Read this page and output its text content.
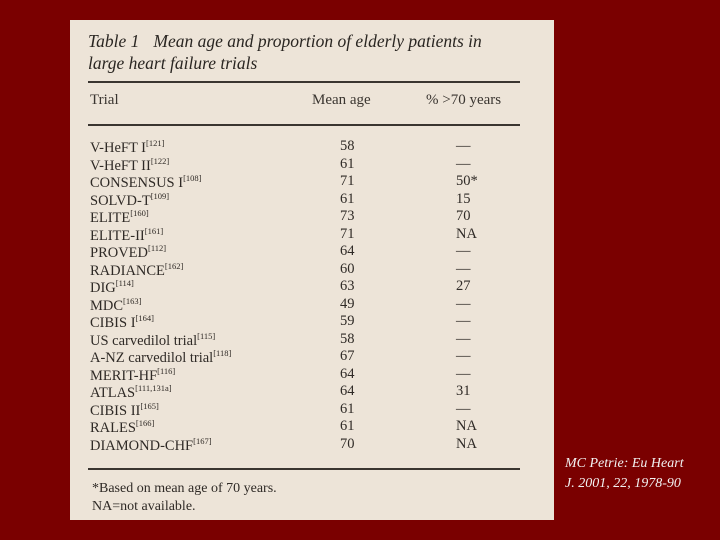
Table 1 Mean age and proportion of elderly patients in
large heart failure trials
Trial	Mean age	% >70 years
V-HeFT I[121]	58	—
V-HeFT II[122]	61	—
CONSENSUS I[108]	71	50*
SOLVD-T[109]	61	15
ELITE[160]	73	70
ELITE-II[161]	71	NA
PROVED[112]	64	—
RADIANCE[162]	60	—
DIG[114]	63	27
MDC[163]	49	—
CIBIS I[164]	59	—
US carvedilol trial[115]	58	—
A-NZ carvedilol trial[118]	67	—
MERIT-HF[116]	64	—
ATLAS[111,131a]	64	31
CIBIS II[165]	61	—
RALES[166]	61	NA
DIAMOND-CHF[167]	70	NA
*Based on mean age of 70 years.
NA=not available.
MC Petrie: Eu Heart
J. 2001, 22, 1978-90
